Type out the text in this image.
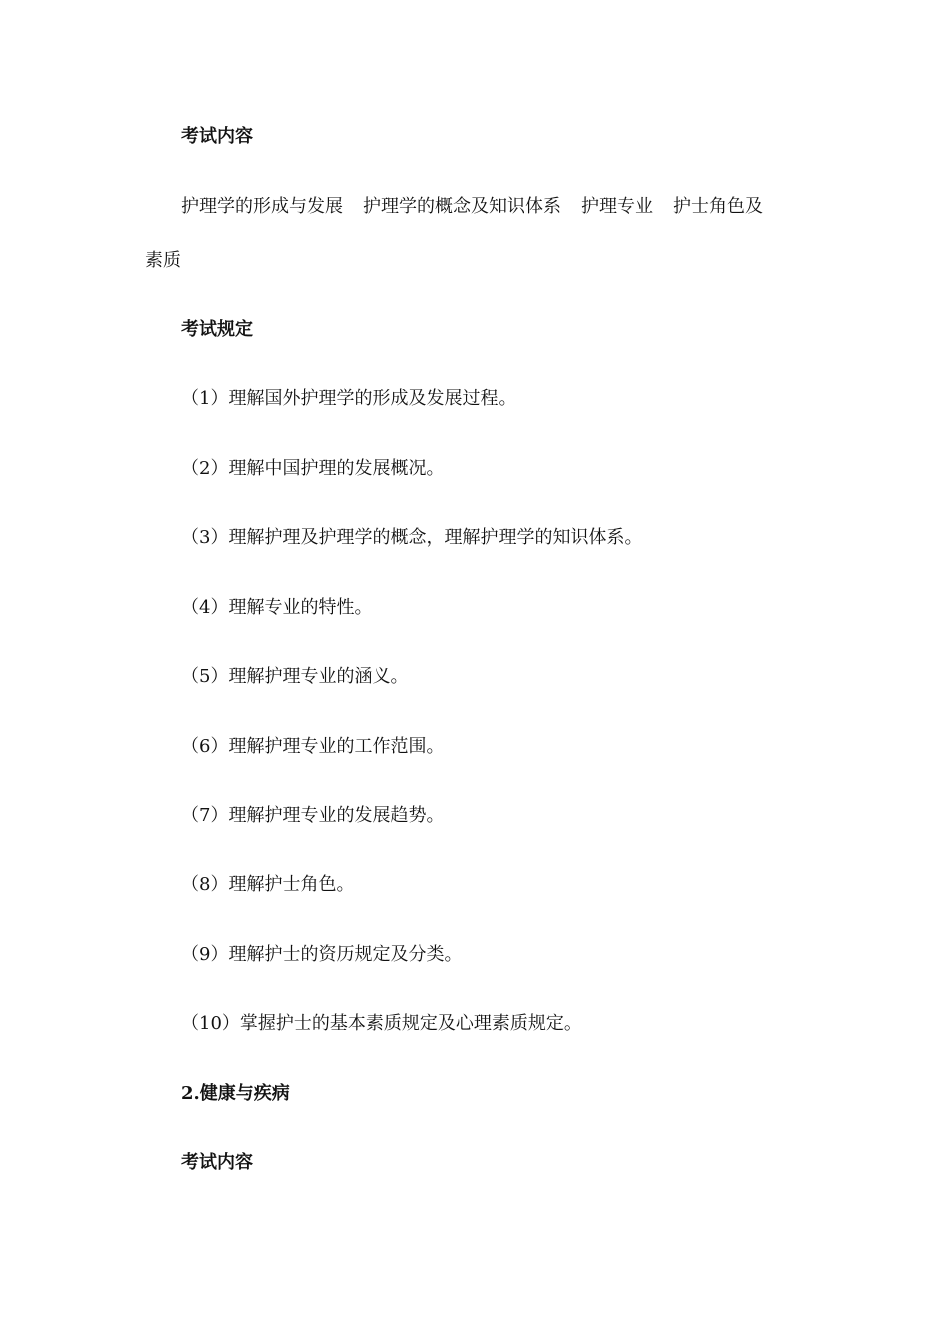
考试内容
护理学的形成与发展 护理学的概念及知识体系 护理专业 护士角色及
素质
考试规定
（1）理解国外护理学的形成及发展过程。
（2）理解中国护理的发展概况。
（3）理解护理及护理学的概念，理解护理学的知识体系。
（4）理解专业的特性。
（5）理解护理专业的涵义。
（6）理解护理专业的工作范围。
（7）理解护理专业的发展趋势。
（8）理解护士角色。
（9）理解护士的资历规定及分类。
（10）掌握护士的基本素质规定及心理素质规定。
2.健康与疾病
考试内容
